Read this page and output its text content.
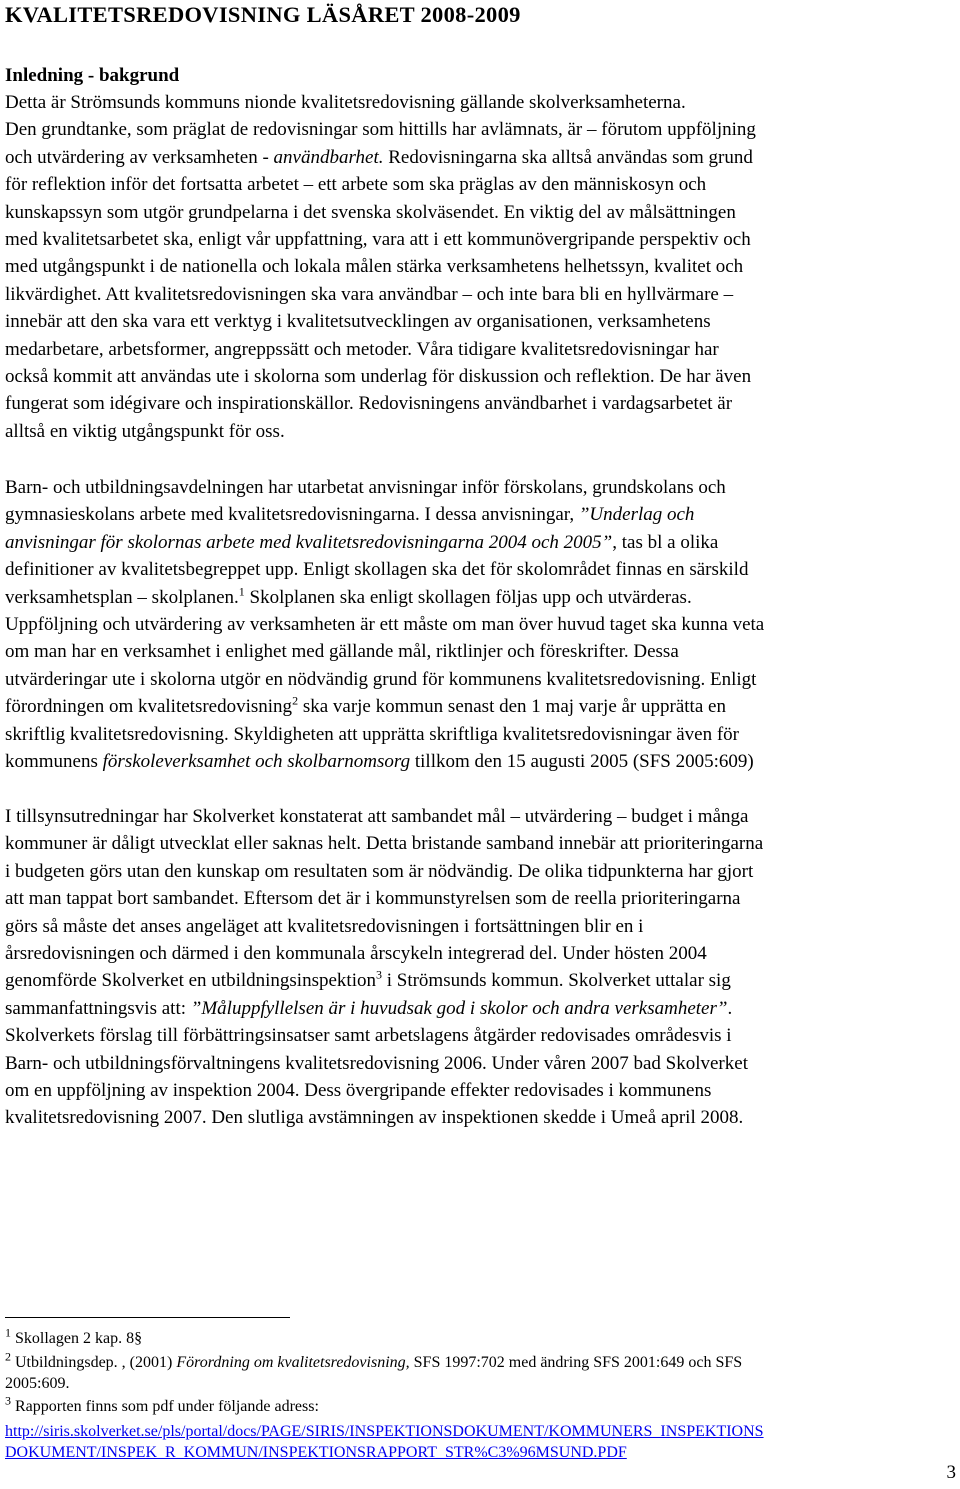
KVALITETSREDOVISNING LÄSÅRET 2008-2009
Inledning - bakgrund

Detta är Strömsunds kommuns nionde kvalitetsredovisning gällande skolverksamheterna.
Den grundtanke, som präglat de redovisningar som hittills har avlämnats, är – förutom uppföljning
och utvärdering av verksamheten - användbarhet. Redovisningarna ska alltså användas som grund
för reflektion inför det fortsatta arbetet – ett arbete som ska präglas av den människosyn och
kunskapssyn som utgör grundpelarna i det svenska skolväsendet. En viktig del av målsättningen
med kvalitetsarbetet ska, enligt vår uppfattning, vara att i ett kommunövergripande perspektiv och
med utgångspunkt i de nationella och lokala målen stärka verksamhetens helhetssyn, kvalitet och
likvärdighet. Att kvalitetsredovisningen ska vara användbar – och inte bara bli en hyllvärmare –
innebär att den ska vara ett verktyg i kvalitetsutvecklingen av organisationen, verksamhetens
medarbetare, arbetsformer, angreppssätt och metoder. Våra tidigare kvalitetsredovisningar har
också kommit att användas ute i skolorna som underlag för diskussion och reflektion. De har även
fungerat som idégivare och inspirationskällor. Redovisningens användbarhet i vardagsarbetet är
alltså en viktig utgångspunkt för oss.

Barn- och utbildningsavdelningen har utarbetat anvisningar inför förskolans, grundskolans och
gymnasieskolans arbete med kvalitetsredovisningarna. I dessa anvisningar, ”Underlag och
anvisningar för skolornas arbete med kvalitetsredovisningarna 2004 och 2005”, tas bl a olika
definitioner av kvalitetsbegreppet upp. Enligt skollagen ska det för skolområdet finnas en särskild
verksamhetsplan – skolplanen.$^1$ Skolplanen ska enligt skollagen följas upp och utvärderas.
Uppföljning och utvärdering av verksamheten är ett måste om man över huvud taget ska kunna veta
om man har en verksamhet i enlighet med gällande mål, riktlinjer och föreskrifter. Dessa
utvärderingar ute i skolorna utgör en nödvändig grund för kommunens kvalitetsredovisning. Enligt
förordningen om kvalitetsredovisning$^2$ ska varje kommun senast den 1 maj varje år upprätta en
skriftlig kvalitetsredovisning. Skyldigheten att upprätta skriftliga kvalitetsredovisningar även för
kommunens förskoleverksamhet och skolbarnomsorg tillkom den 15 augusti 2005 (SFS 2005:609)

I tillsynsutredningar har Skolverket konstaterat att sambandet mål – utvärdering – budget i många
kommuner är dåligt utvecklat eller saknas helt. Detta bristande samband innebär att prioriteringarna
i budgeten görs utan den kunskap om resultaten som är nödvändig. De olika tidpunkterna har gjort
att man tappat bort sambandet. Eftersom det är i kommunstyrelsen som de reella prioriteringarna
görs så måste det anses angeläget att kvalitetsredovisningen i fortsättningen blir en i
årsredovisningen och därmed i den kommunala årscykeln integrerad del. Under hösten 2004
genomförde Skolverket en utbildningsinspektion$^3$ i Strömsunds kommun. Skolverket uttalar sig
sammanfattningsvis att: ”Måluppfyllelsen är i huvudsak god i skolor och andra verksamheter”.
Skolverkets förslag till förbättringsinsatser samt arbetslagens åtgärder redovisades områdesvis i
Barn- och utbildningsförvaltningens kvalitetsredovisning 2006. Under våren 2007 bad Skolverket
om en uppföljning av inspektion 2004. Dess övergripande effekter redovisades i kommunens
kvalitetsredovisning 2007. Den slutliga avstämningen av inspektionen skedde i Umeå april 2008.

$^1$ Skollagen 2 kap. 8§

$^2$ Utbildningsdep. , (2001) Förordning om kvalitetsredovisning, SFS 1997:702 med ändring SFS 2001:649 och SFS
2005:609.

$^3$ Rapporten finns som pdf under följande adress:

http://siris.skolverket.se/pls/portal/docs/PAGE/SIRIS/INSPEKTIONSDOKUMENT/KOMMUNERS_INSPEKTIONS
DOKUMENT/INSPEK_R_KOMMUN/INSPEKTIONSRAPPORT_STR%C3%96MSUND.PDF

3
